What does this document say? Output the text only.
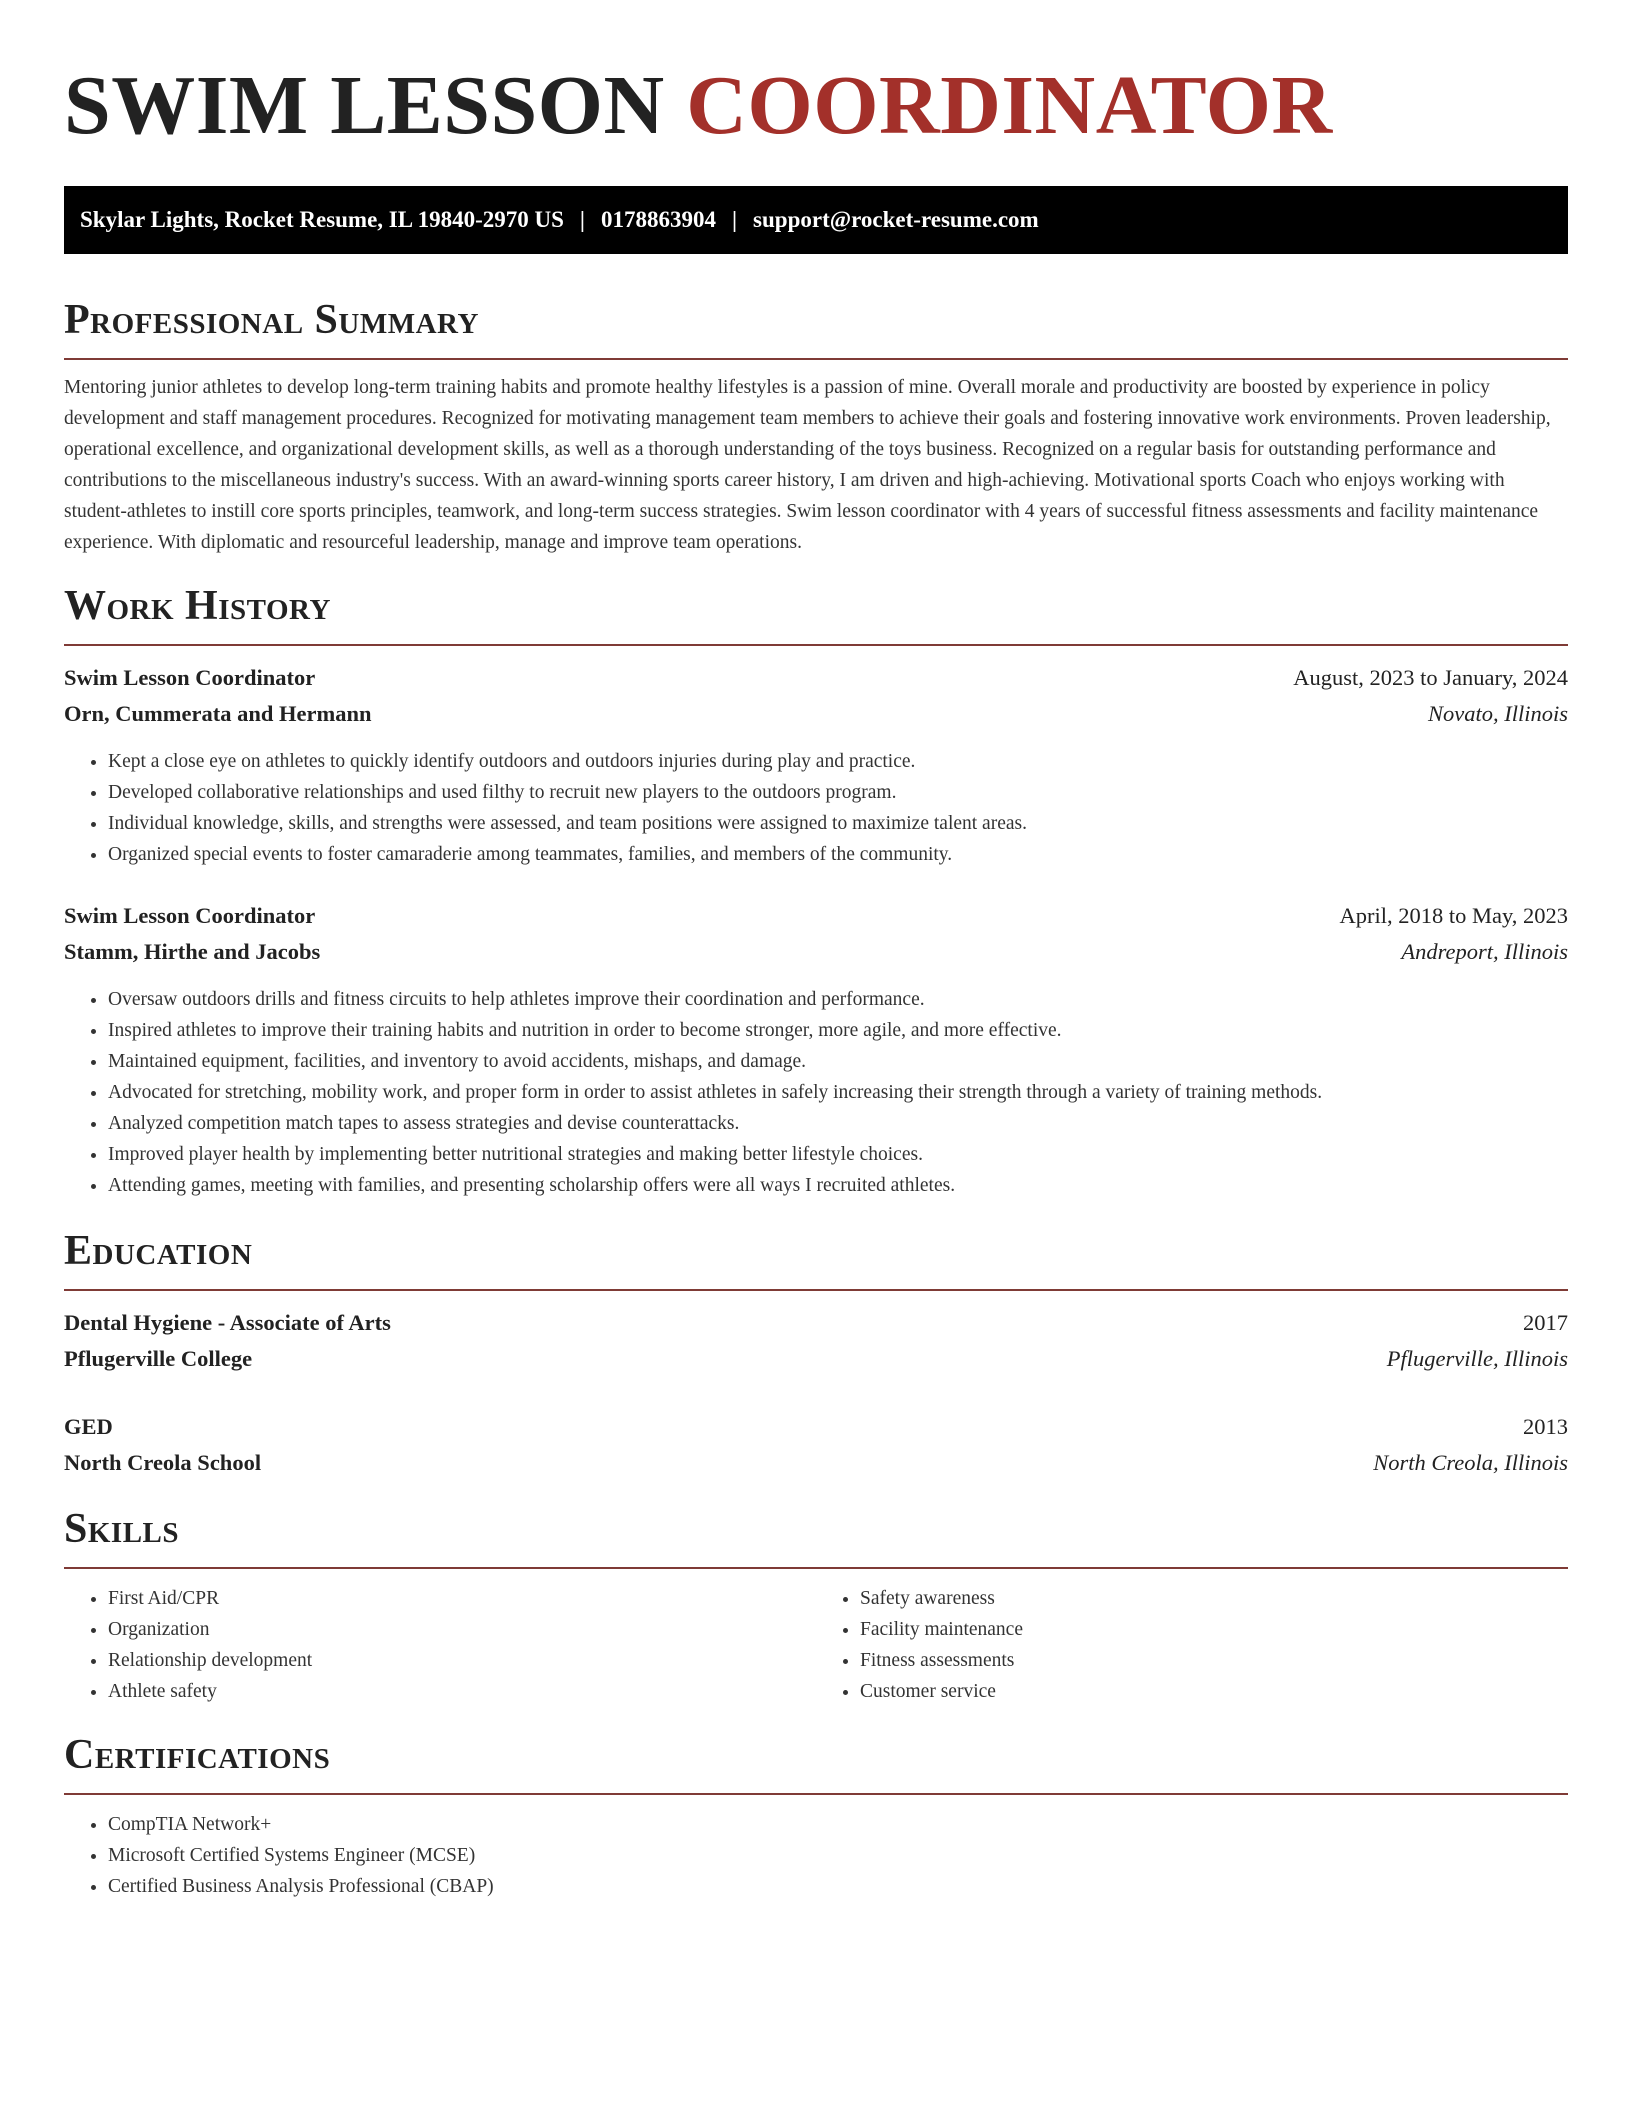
SWIM LESSON COORDINATOR
Skylar Lights, Rocket Resume, IL 19840-2970 US | 0178863904 | support@rocket-resume.com
Professional Summary

Mentoring junior athletes to develop long-term training habits and promote healthy lifestyles is a passion of mine. Overall morale and productivity are boosted by experience in policy development and staff management procedures. Recognized for motivating management team members to achieve their goals and fostering innovative work environments. Proven leadership, operational excellence, and organizational development skills, as well as a thorough understanding of the toys business. Recognized on a regular basis for outstanding performance and contributions to the miscellaneous industry's success. With an award-winning sports career history, I am driven and high-achieving. Motivational sports Coach who enjoys working with student-athletes to instill core sports principles, teamwork, and long-term success strategies. Swim lesson coordinator with 4 years of successful fitness assessments and facility maintenance experience. With diplomatic and resourceful leadership, manage and improve team operations.

Work History
Swim Lesson Coordinator	August, 2023 to January, 2024
Orn, Cummerata and Hermann	Novato, Illinois
• Kept a close eye on athletes to quickly identify outdoors and outdoors injuries during play and practice.
• Developed collaborative relationships and used filthy to recruit new players to the outdoors program.
• Individual knowledge, skills, and strengths were assessed, and team positions were assigned to maximize talent areas.
• Organized special events to foster camaraderie among teammates, families, and members of the community.
Swim Lesson Coordinator	April, 2018 to May, 2023
Stamm, Hirthe and Jacobs	Andreport, Illinois
• Oversaw outdoors drills and fitness circuits to help athletes improve their coordination and performance.
• Inspired athletes to improve their training habits and nutrition in order to become stronger, more agile, and more effective.
• Maintained equipment, facilities, and inventory to avoid accidents, mishaps, and damage.
• Advocated for stretching, mobility work, and proper form in order to assist athletes in safely increasing their strength through a variety of training methods.
• Analyzed competition match tapes to assess strategies and devise counterattacks.
• Improved player health by implementing better nutritional strategies and making better lifestyle choices.
• Attending games, meeting with families, and presenting scholarship offers were all ways I recruited athletes.
Education
Dental Hygiene - Associate of Arts	2017
Pflugerville College	Pflugerville, Illinois
GED	2013
North Creola School	North Creola, Illinois
Skills
• First Aid/CPR
• Organization
• Relationship development
• Athlete safety
• Safety awareness
• Facility maintenance
• Fitness assessments
• Customer service
Certifications
• CompTIA Network+
• Microsoft Certified Systems Engineer (MCSE)
• Certified Business Analysis Professional (CBAP)
